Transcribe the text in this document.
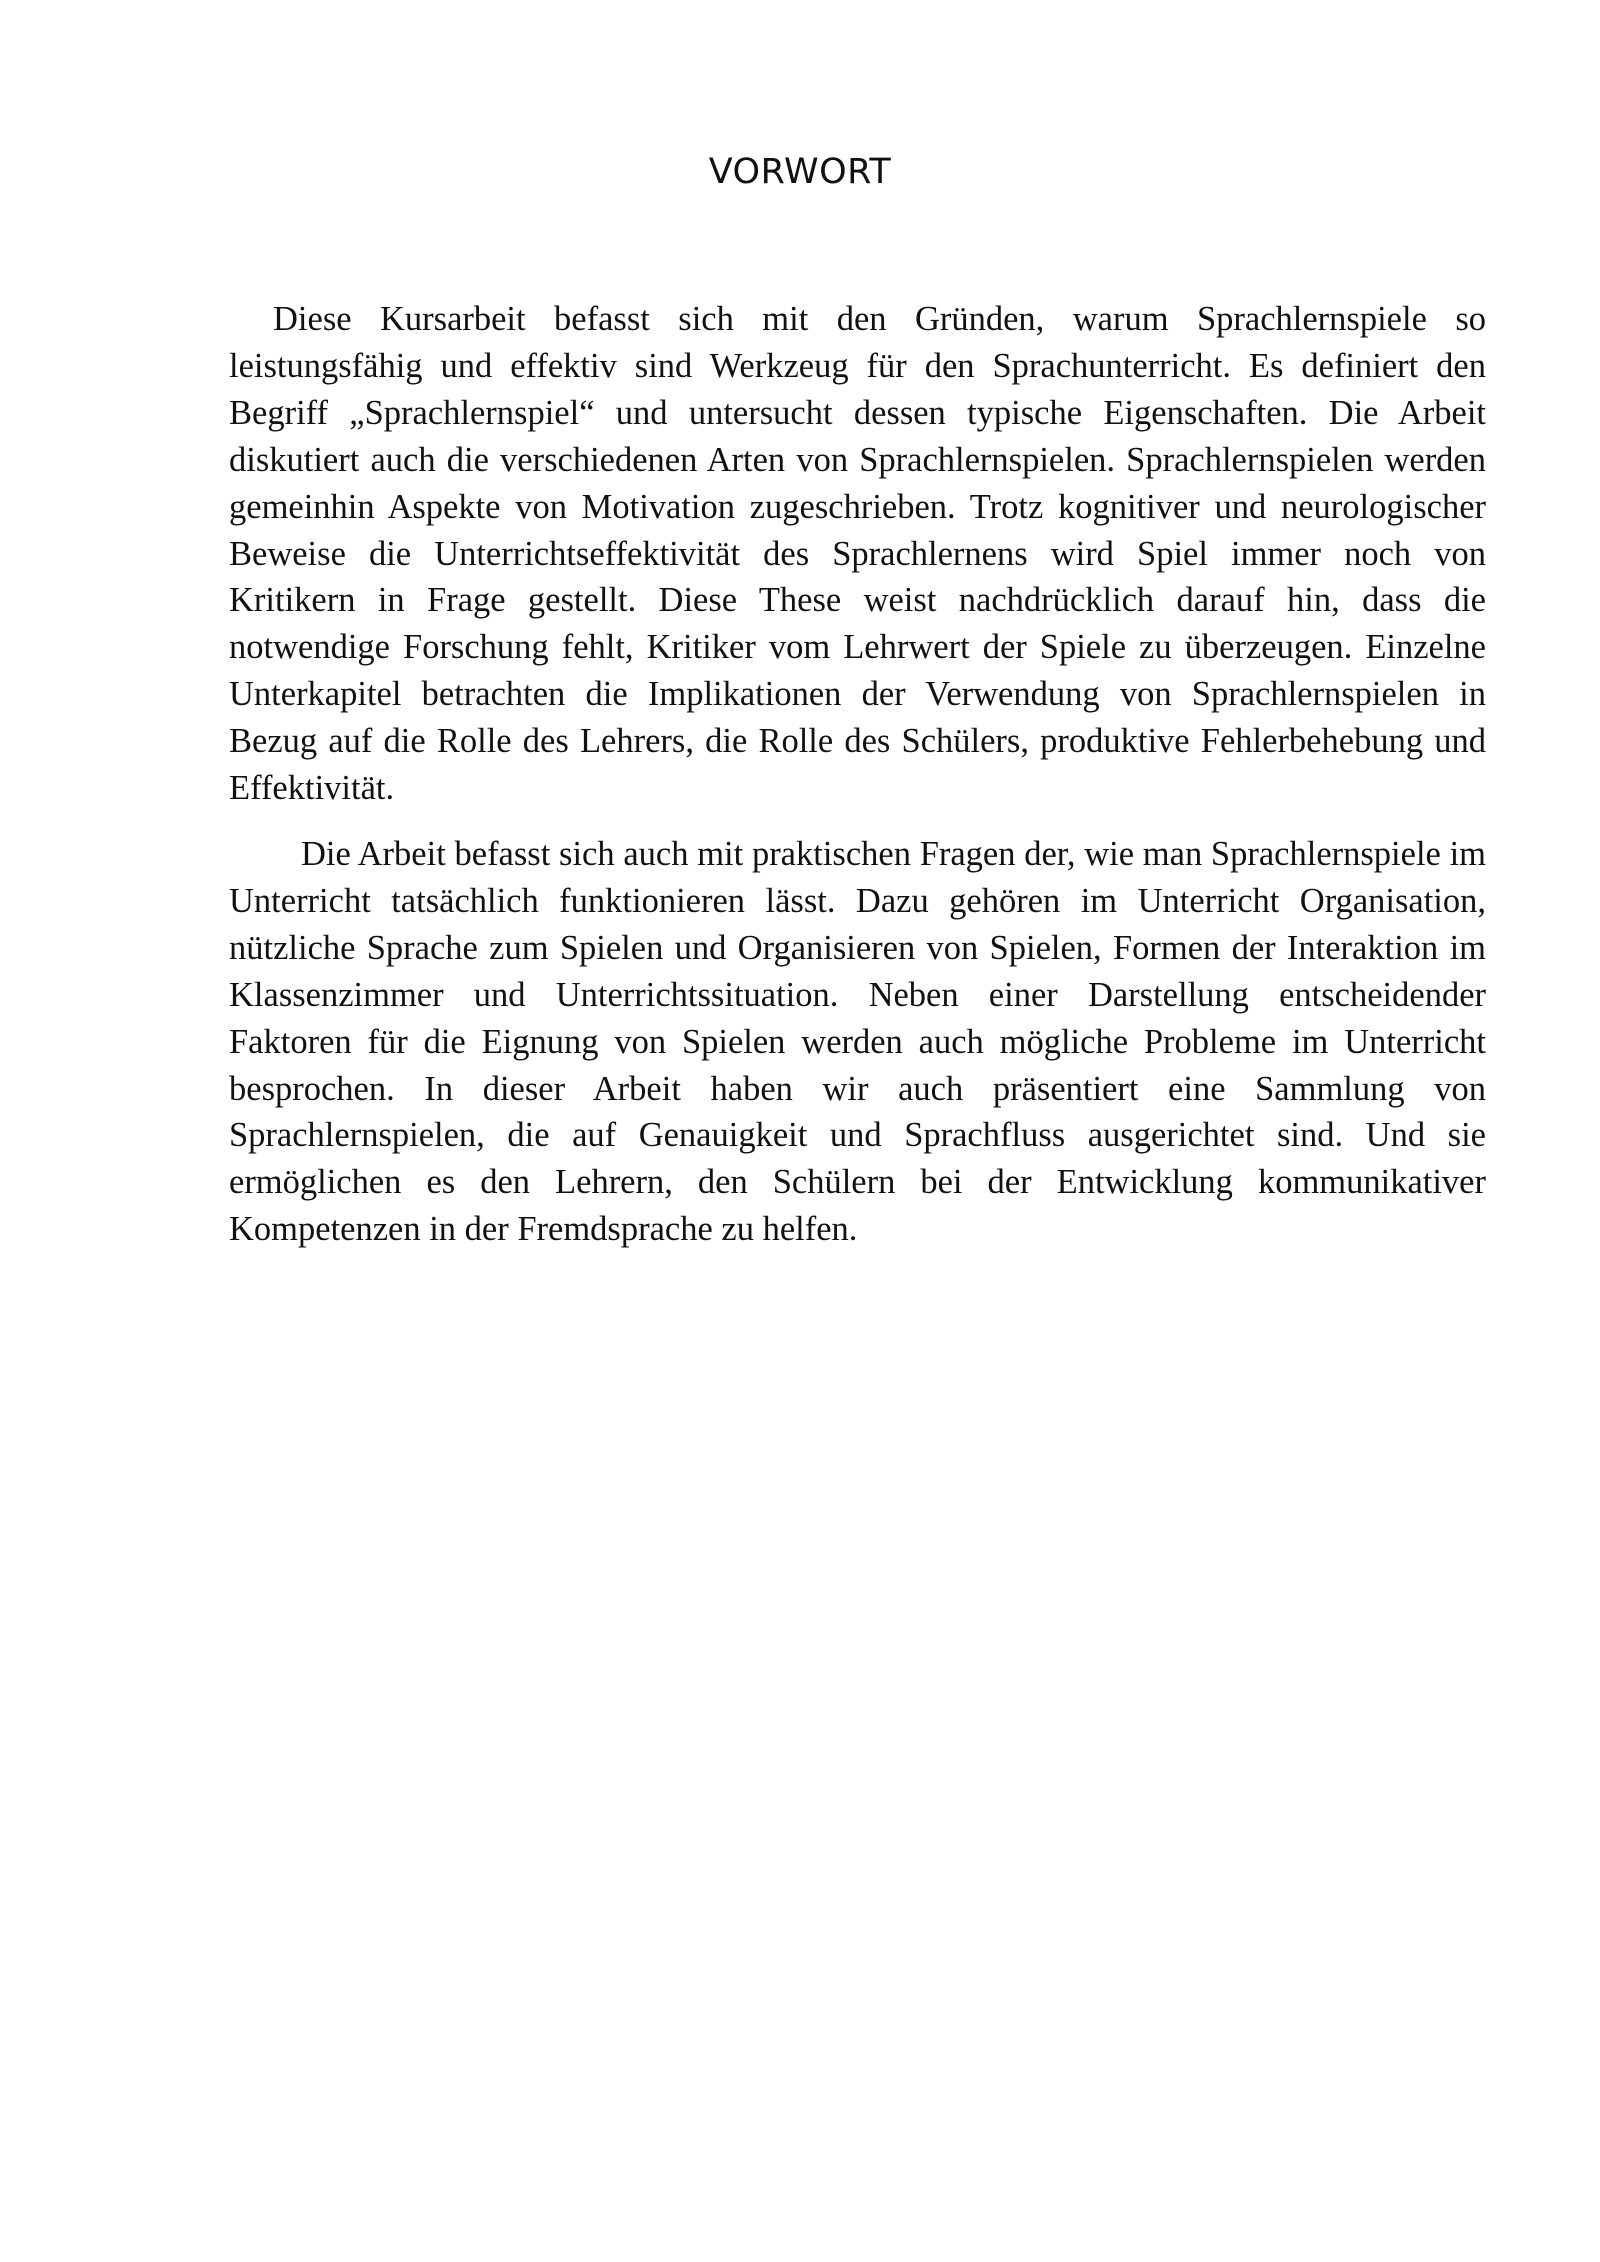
VORWORT

Diese Kursarbeit befasst sich mit den Gründen, warum Sprachlernspiele so leistungsfähig und effektiv sind Werkzeug für den Sprachunterricht. Es definiert den Begriff „Sprachlernspiel“ und untersucht dessen typische Eigenschaften. Die Arbeit diskutiert auch die verschiedenen Arten von Sprachlernspielen. Sprachlernspielen werden gemeinhin Aspekte von Motivation zugeschrieben. Trotz kognitiver und neurologischer Beweise die Unterrichtseffektivität des Sprachlernens wird Spiel immer noch von Kritikern in Frage gestellt. Diese These weist nachdrücklich darauf hin, dass die notwendige Forschung fehlt, Kritiker vom Lehrwert der Spiele zu überzeugen. Einzelne Unterkapitel betrachten die Implikationen der Verwendung von Sprachlernspielen in Bezug auf die Rolle des Lehrers, die Rolle des Schülers, produktive Fehlerbehebung und Effektivität.

Die Arbeit befasst sich auch mit praktischen Fragen der, wie man Sprachlernspiele im Unterricht tatsächlich funktionieren lässt. Dazu gehören im Unterricht Organisation, nützliche Sprache zum Spielen und Organisieren von Spielen, Formen der Interaktion im Klassenzimmer und Unterrichtssituation. Neben einer Darstellung entscheidender Faktoren für die Eignung von Spielen werden auch mögliche Probleme im Unterricht besprochen. In dieser Arbeit haben wir auch präsentiert eine Sammlung von Sprachlernspielen, die auf Genauigkeit und Sprachfluss ausgerichtet sind. Und sie ermöglichen es den Lehrern, den Schülern bei der Entwicklung kommunikativer Kompetenzen in der Fremdsprache zu helfen.
